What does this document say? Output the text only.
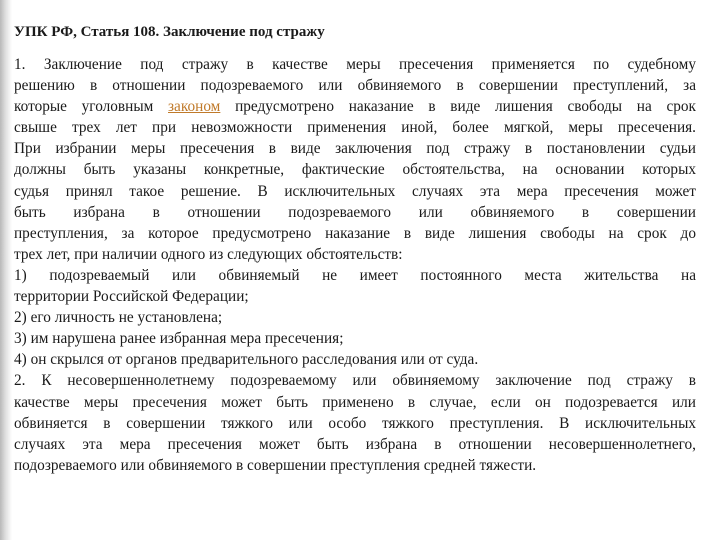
УПК РФ, Статья 108. Заключение под стражу
1. Заключение под стражу в качестве меры пресечения применяется по судебному
решению в отношении подозреваемого или обвиняемого в совершении преступлений, за
которые уголовным законом предусмотрено наказание в виде лишения свободы на срок
свыше трех лет при невозможности применения иной, более мягкой, меры пресечения.
При избрании меры пресечения в виде заключения под стражу в постановлении судьи
должны быть указаны конкретные, фактические обстоятельства, на основании которых
судья принял такое решение. В исключительных случаях эта мера пресечения может
быть избрана в отношении подозреваемого или обвиняемого в совершении
преступления, за которое предусмотрено наказание в виде лишения свободы на срок до
трех лет, при наличии одного из следующих обстоятельств:
1) подозреваемый или обвиняемый не имеет постоянного места жительства на
территории Российской Федерации;
2) его личность не установлена;
3) им нарушена ранее избранная мера пресечения;
4) он скрылся от органов предварительного расследования или от суда.
2. К несовершеннолетнему подозреваемому или обвиняемому заключение под стражу в
качестве меры пресечения может быть применено в случае, если он подозревается или
обвиняется в совершении тяжкого или особо тяжкого преступления. В исключительных
случаях эта мера пресечения может быть избрана в отношении несовершеннолетнего,
подозреваемого или обвиняемого в совершении преступления средней тяжести.
